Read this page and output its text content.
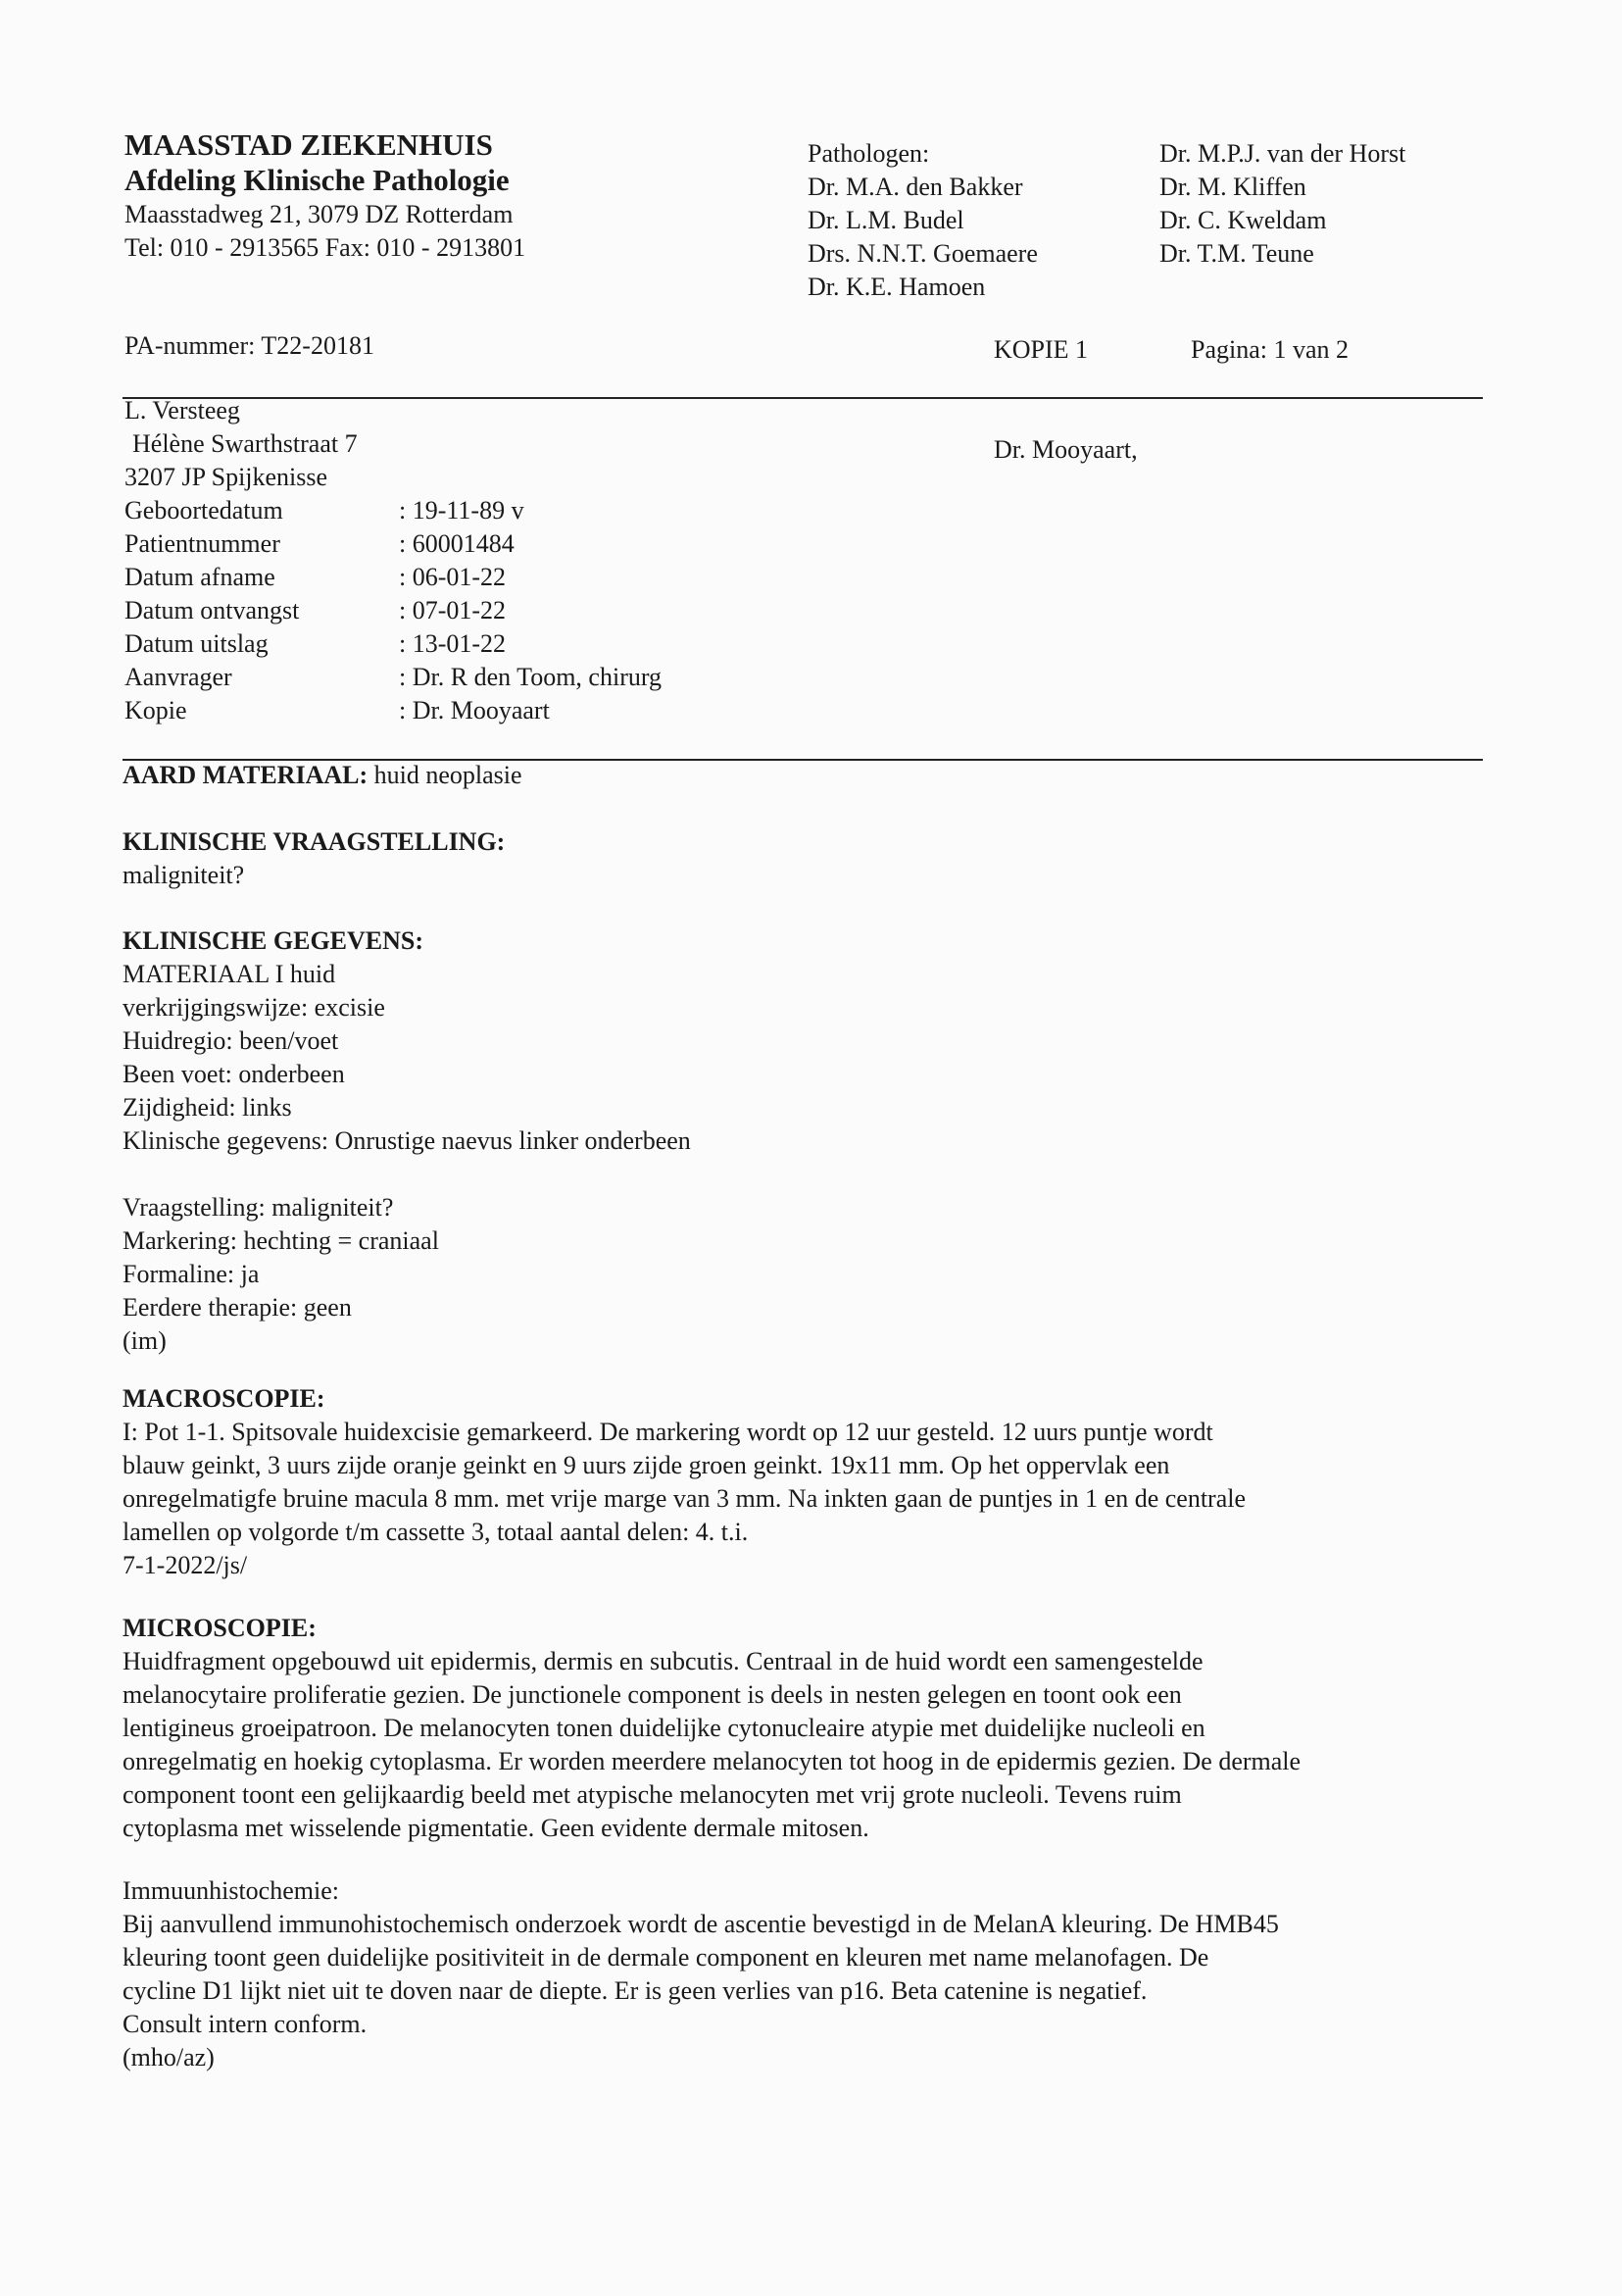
MAASSTAD ZIEKENHUIS
Afdeling Klinische Pathologie
Maasstadweg 21, 3079 DZ Rotterdam
Tel: 010 - 2913565 Fax: 010 - 2913801
Pathologen:
Dr. M.A. den Bakker
Dr. L.M. Budel
Drs. N.N.T. Goemaere
Dr. K.E. Hamoen
Dr. M.P.J. van der Horst
Dr. M. Kliffen
Dr. C. Kweldam
Dr. T.M. Teune
PA-nummer: T22-20181	KOPIE 1	Pagina: 1 van 2
L. Versteeg
Hélène Swarthstraat 7
3207 JP Spijkenisse
Geboortedatum	: 19-11-89 v
Patientnummer	: 60001484
Datum afname	: 06-01-22
Datum ontvangst	: 07-01-22
Datum uitslag	: 13-01-22
Aanvrager	: Dr. R den Toom, chirurg
Kopie	: Dr. Mooyaart
Dr. Mooyaart,

AARD MATERIAAL: huid neoplasie

KLINISCHE VRAAGSTELLING:

maligniteit?

KLINISCHE GEGEVENS:

MATERIAAL I huid

verkrijgingswijze: excisie

Huidregio: been/voet

Been voet: onderbeen

Zijdigheid: links

Klinische gegevens: Onrustige naevus linker onderbeen

Vraagstelling: maligniteit?

Markering: hechting = craniaal

Formaline: ja

Eerdere therapie: geen

(im)

MACROSCOPIE:

I: Pot 1-1. Spitsovale huidexcisie gemarkeerd. De markering wordt op 12 uur gesteld. 12 uurs puntje wordt

blauw geinkt, 3 uurs zijde oranje geinkt en 9 uurs zijde groen geinkt. 19x11 mm. Op het oppervlak een

onregelmatigfe bruine macula 8 mm. met vrije marge van 3 mm. Na inkten gaan de puntjes in 1 en de centrale

lamellen op volgorde t/m cassette 3, totaal aantal delen: 4. t.i.

7-1-2022/js/

MICROSCOPIE:

Huidfragment opgebouwd uit epidermis, dermis en subcutis. Centraal in de huid wordt een samengestelde

melanocytaire proliferatie gezien. De junctionele component is deels in nesten gelegen en toont ook een

lentigineus groeipatroon. De melanocyten tonen duidelijke cytonucleaire atypie met duidelijke nucleoli en

onregelmatig en hoekig cytoplasma. Er worden meerdere melanocyten tot hoog in de epidermis gezien. De dermale

component toont een gelijkaardig beeld met atypische melanocyten met vrij grote nucleoli. Tevens ruim

cytoplasma met wisselende pigmentatie. Geen evidente dermale mitosen.

Immuunhistochemie:

Bij aanvullend immunohistochemisch onderzoek wordt de ascentie bevestigd in de MelanA kleuring. De HMB45

kleuring toont geen duidelijke positiviteit in de dermale component en kleuren met name melanofagen. De

cycline D1 lijkt niet uit te doven naar de diepte. Er is geen verlies van p16. Beta catenine is negatief.

Consult intern conform.

(mho/az)
